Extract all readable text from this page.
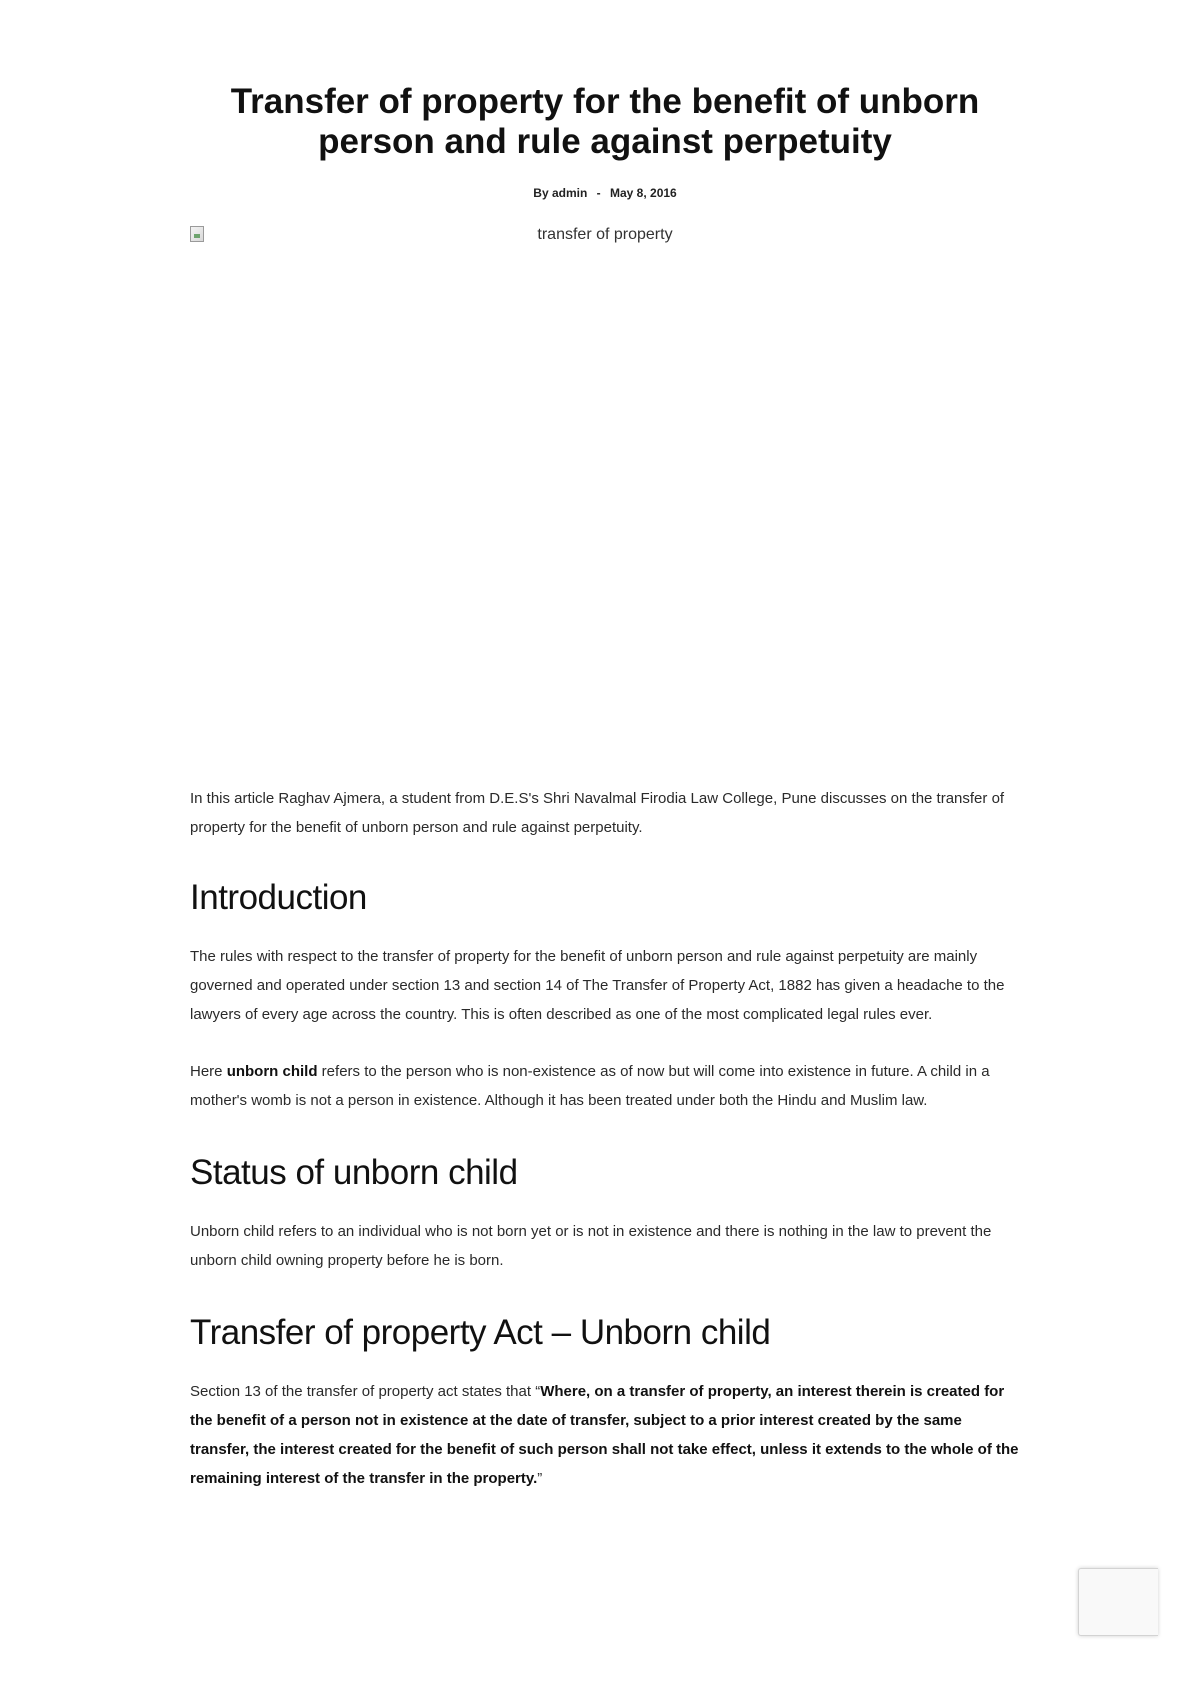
Transfer of property for the benefit of unborn person and rule against perpetuity
By admin - May 8, 2016
transfer of property

In this article Raghav Ajmera, a student from D.E.S's Shri Navalmal Firodia Law College, Pune discusses on the transfer of property for the benefit of unborn person and rule against perpetuity.

Introduction

The rules with respect to the transfer of property for the benefit of unborn person and rule against perpetuity are mainly governed and operated under section 13 and section 14 of The Transfer of Property Act, 1882 has given a headache to the lawyers of every age across the country. This is often described as one of the most complicated legal rules ever.

Here unborn child refers to the person who is non-existence as of now but will come into existence in future. A child in a mother's womb is not a person in existence. Although it has been treated under both the Hindu and Muslim law.

Status of unborn child

Unborn child refers to an individual who is not born yet or is not in existence and there is nothing in the law to prevent the unborn child owning property before he is born.

Transfer of property Act – Unborn child

Section 13 of the transfer of property act states that “Where, on a transfer of property, an interest therein is created for the benefit of a person not in existence at the date of transfer, subject to a prior interest created by the same transfer, the interest created for the benefit of such person shall not take effect, unless it extends to the whole of the remaining interest of the transfer in the property.”
